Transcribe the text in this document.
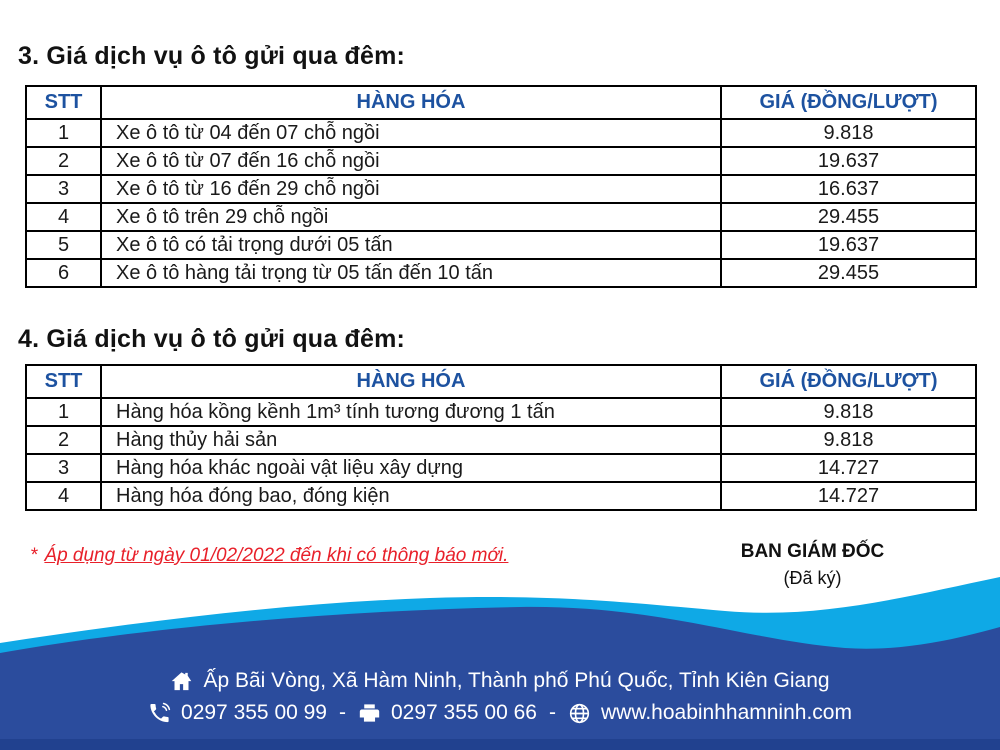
3. Giá dịch vụ ô tô gửi qua đêm:
STT	HÀNG HÓA	GIÁ (ĐỒNG/LƯỢT)
1	Xe ô tô từ 04 đến 07 chỗ ngồi	9.818
2	Xe ô tô từ 07 đến 16 chỗ ngồi	19.637
3	Xe ô tô từ 16 đến 29 chỗ ngồi	16.637
4	Xe ô tô trên 29 chỗ ngồi	29.455
5	Xe ô tô có tải trọng dưới 05 tấn	19.637
6	Xe ô tô hàng tải trọng từ 05 tấn đến 10 tấn	29.455
4. Giá dịch vụ ô tô gửi qua đêm:
STT	HÀNG HÓA	GIÁ (ĐỒNG/LƯỢT)
1	Hàng hóa kồng kềnh 1m³ tính tương đương 1 tấn	9.818
2	Hàng thủy hải sản	9.818
3	Hàng hóa khác ngoài vật liệu xây dựng	14.727
4	Hàng hóa đóng bao, đóng kiện	14.727
* Áp dụng từ ngày 01/02/2022 đến khi có thông báo mới.	BAN GIÁM ĐỐC
(Đã ký)
Ấp Bãi Vòng, Xã Hàm Ninh, Thành phố Phú Quốc, Tỉnh Kiên Giang
0297 355 00 99 - 0297 355 00 66 - www.hoabinhhamninh.com
